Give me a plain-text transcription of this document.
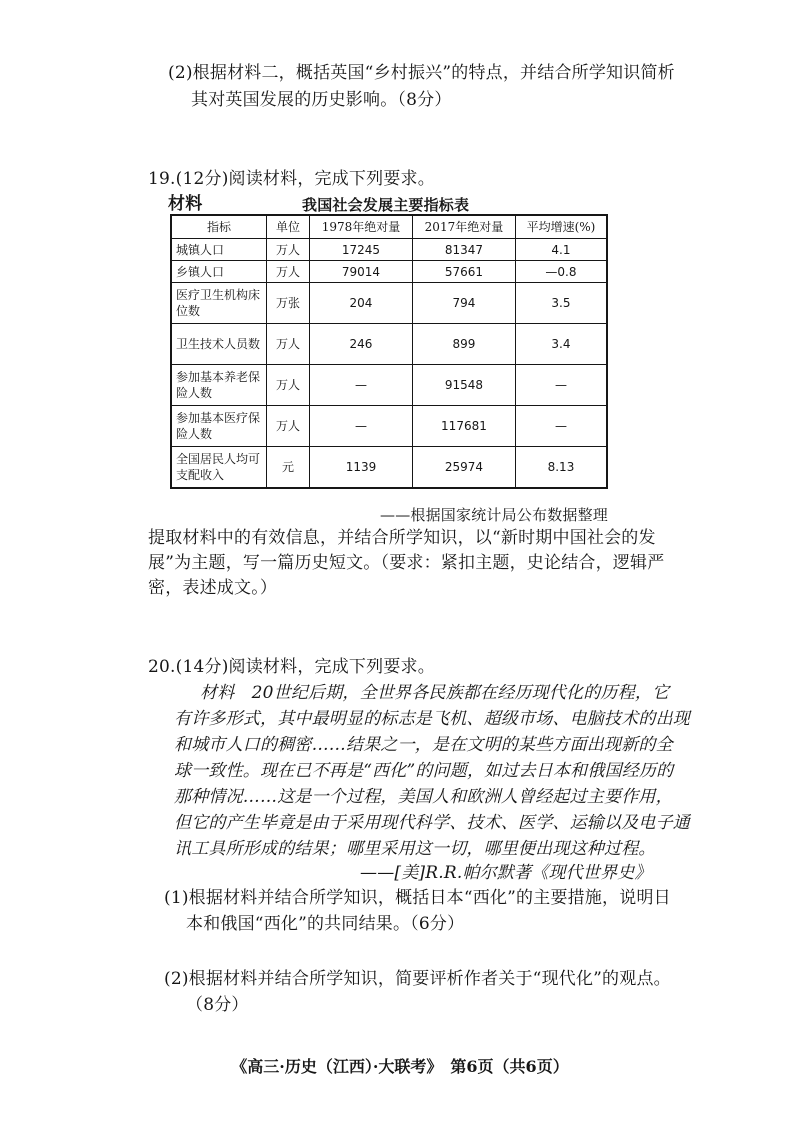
(2)根据材料二，概括英国“乡村振兴”的特点，并结合所学知识简析
其对英国发展的历史影响。（8分）
19.(12分)阅读材料，完成下列要求。
材料	我国社会发展主要指标表
指标	单位	1978年绝对量	2017年绝对量	平均增速(%)
城镇人口	万人	17245	81347	4.1
乡镇人口	万人	79014	57661	—0.8
医疗卫生机构床位数	万张	204	794	3.5
卫生技术人员数	万人	246	899	3.4
参加基本养老保险人数	万人	—	91548	—
参加基本医疗保险人数	万人	—	117681	—
全国居民人均可支配收入	元	1139	25974	8.13
——根据国家统计局公布数据整理
提取材料中的有效信息，并结合所学知识，以“新时期中国社会的发
展”为主题，写一篇历史短文。（要求：紧扣主题，史论结合，逻辑严
密，表述成文。）
20.(14分)阅读材料，完成下列要求。
材料　20世纪后期，全世界各民族都在经历现代化的历程，它
有许多形式，其中最明显的标志是飞机、超级市场、电脑技术的出现
和城市人口的稠密……结果之一，是在文明的某些方面出现新的全
球一致性。现在已不再是“西化”的问题，如过去日本和俄国经历的
那种情况……这是一个过程，美国人和欧洲人曾经起过主要作用，
但它的产生毕竟是由于采用现代科学、技术、医学、运输以及电子通
讯工具所形成的结果；哪里采用这一切，哪里便出现这种过程。
——[美]R.R.帕尔默著《现代世界史》
(1)根据材料并结合所学知识，概括日本“西化”的主要措施，说明日
本和俄国“西化”的共同结果。（6分）
(2)根据材料并结合所学知识，简要评析作者关于“现代化”的观点。
（8分）
《高三·历史（江西）·大联考》　第6页（共6页）
